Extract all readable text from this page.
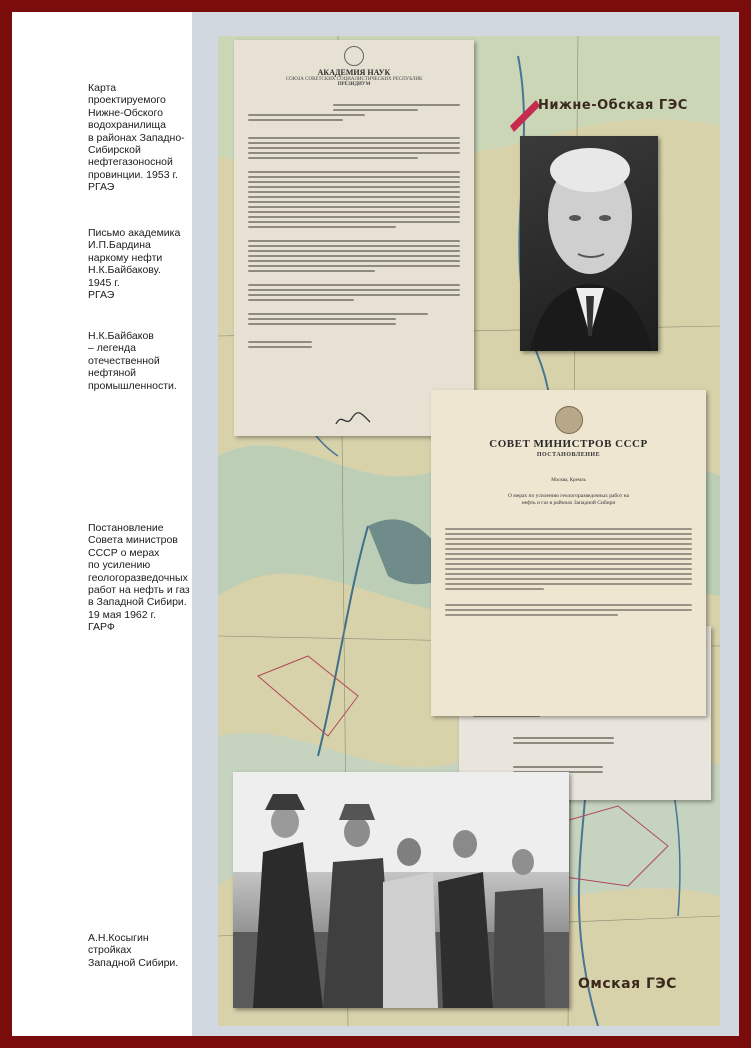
Карта
проектируемого
Нижне-Обского
водохранилища
в районах Западно-
Сибирской
нефтегазоносной
провинции. 1953 г.
РГАЭ
Письмо академика
И.П.Бардина
наркому нефти
Н.К.Байбакову.
1945 г.
РГАЭ
Н.К.Байбаков
– легенда
отечественной
нефтяной
промышленности.
Постановление
Совета министров
СССР о мерах
по усилению
геологоразведочных
работ на нефть и газ
в Западной Сибири.
19 мая 1962 г.
ГАРФ
А.Н.Косыгин
стройках
Западной Сибири.
Нижне-Обская ГЭС
Омская ГЭС
АКАДЕМИЯ НАУК
СОЮЗА СОВЕТСКИХ СОЦИАЛИСТИЧЕСКИХ РЕСПУБЛИК
ПРЕЗИДИУМ
СОВЕТ МИНИСТРОВ СССР
ПОСТАНОВЛЕНИЕ
Москва, Кремль
О мерах по усилению геологоразведочных работ на нефть и газ в районах Западной Сибири
